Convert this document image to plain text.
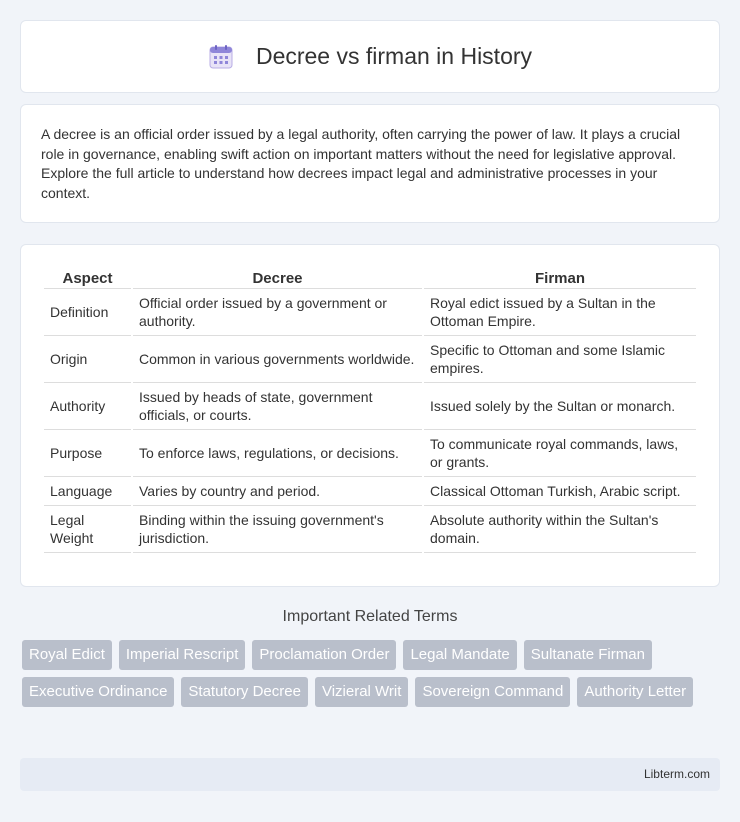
Decree vs firman in History

A decree is an official order issued by a legal authority, often carrying the power of law. It plays a crucial role in governance, enabling swift action on important matters without the need for legislative approval. Explore the full article to understand how decrees impact legal and administrative processes in your context.

Aspect	Decree	Firman
Definition	Official order issued by a government or authority.	Royal edict issued by a Sultan in the Ottoman Empire.
Origin	Common in various governments worldwide.	Specific to Ottoman and some Islamic empires.
Authority	Issued by heads of state, government officials, or courts.	Issued solely by the Sultan or monarch.
Purpose	To enforce laws, regulations, or decisions.	To communicate royal commands, laws, or grants.
Language	Varies by country and period.	Classical Ottoman Turkish, Arabic script.
Legal Weight	Binding within the issuing government's jurisdiction.	Absolute authority within the Sultan's domain.
Important Related Terms
Royal Edict	Imperial Rescript	Proclamation Order	Legal Mandate	Sultanate Firman
Executive Ordinance	Statutory Decree	Vizieral Writ	Sovereign Command	Authority Letter
Libterm.com
